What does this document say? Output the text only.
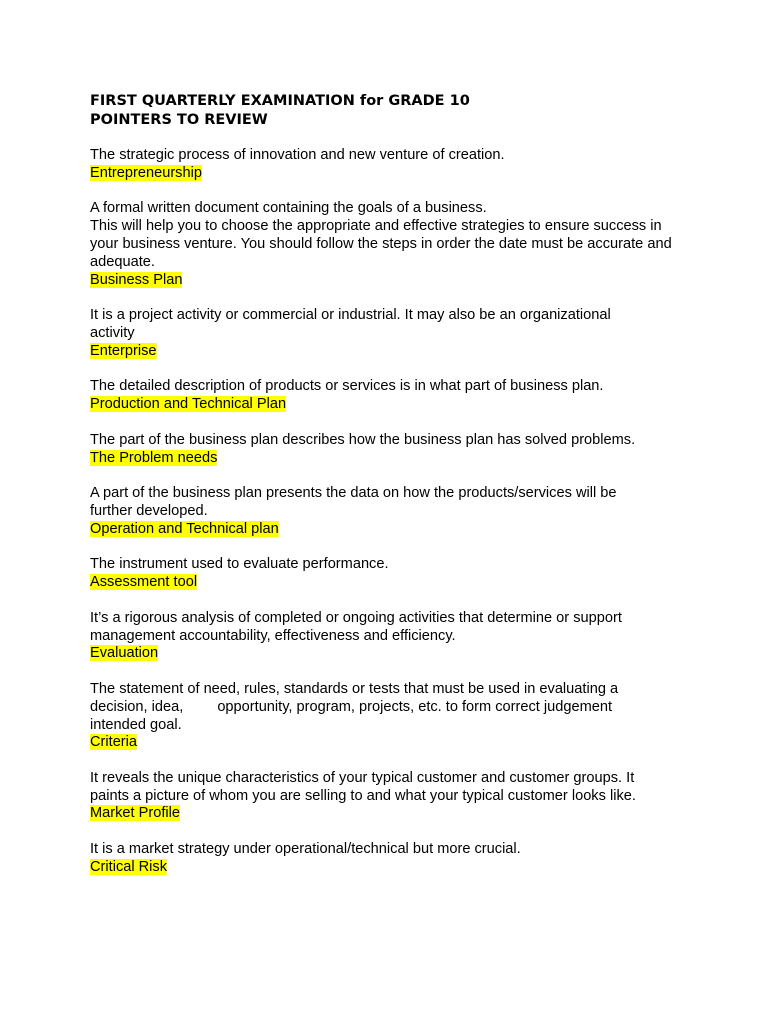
FIRST QUARTERLY EXAMINATION for GRADE 10
POINTERS TO REVIEW
The strategic process of innovation and new venture of creation.
Entrepreneurship
A formal written document containing the goals of a business.
This will help you to choose the appropriate and effective strategies to ensure success in your business venture. You should follow the steps in order the date must be accurate and adequate.
Business Plan
It is a project activity or commercial or industrial. It may also be an organizational activity
Enterprise
The detailed description of products or services is in what part of business plan.
Production and Technical Plan
The part of the business plan describes how the business plan has solved problems.
The Problem needs
A part of the business plan presents the data on how the products/services will be further developed.
Operation and Technical plan
The instrument used to evaluate performance.
Assessment tool
It’s a rigorous analysis of completed or ongoing activities that determine or support management accountability, effectiveness and efficiency.
Evaluation
The statement of need, rules, standards or tests that must be used in evaluating a decision, idea, opportunity, program, projects, etc. to form correct judgement intended goal.
Criteria
It reveals the unique characteristics of your typical customer and customer groups. It paints a picture of whom you are selling to and what your typical customer looks like.
Market Profile
It is a market strategy under operational/technical but more crucial.
Critical Risk
